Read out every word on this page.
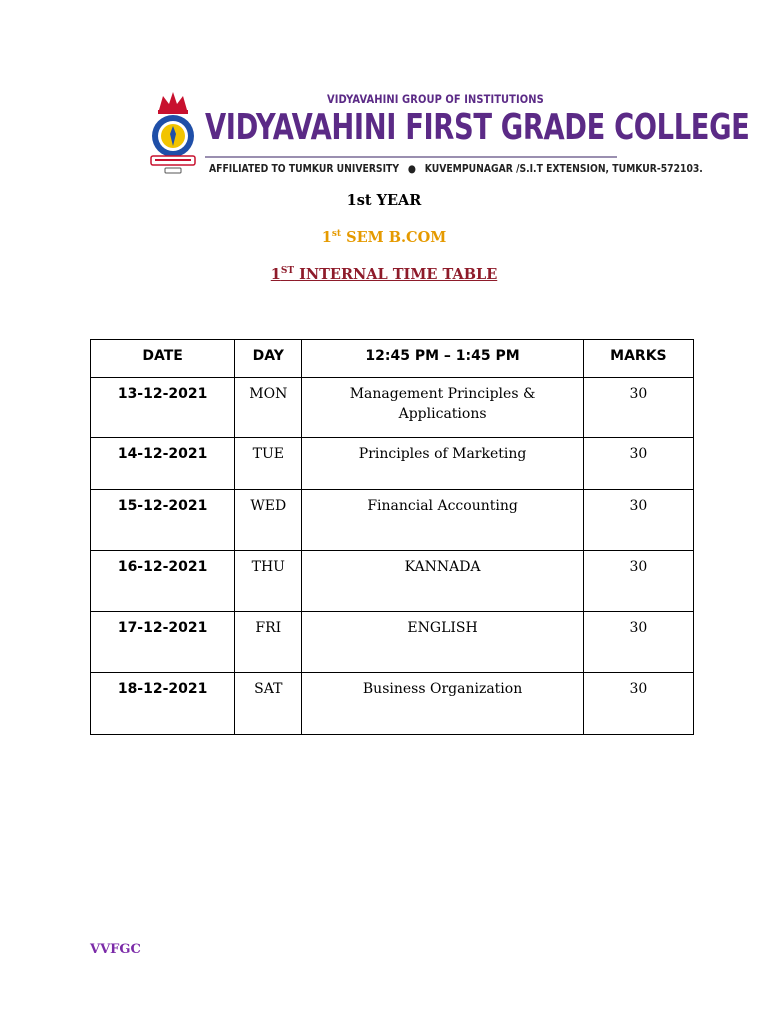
VIDYAVAHINI GROUP OF INSTITUTIONS
VIDYAVAHINI FIRST GRADE COLLEGE
AFFILIATED TO TUMKUR UNIVERSITY ● KUVEMPUNAGAR /S.I.T EXTENSION, TUMKUR-572103.
1st YEAR
1st SEM B.COM
1ST INTERNAL TIME TABLE
DATE	DAY	12:45 PM – 1:45 PM	MARKS
13-12-2021	MON	Management Principles & Applications	30
14-12-2021	TUE	Principles of Marketing	30
15-12-2021	WED	Financial Accounting	30
16-12-2021	THU	KANNADA	30
17-12-2021	FRI	ENGLISH	30
18-12-2021	SAT	Business Organization	30
VVFGC
